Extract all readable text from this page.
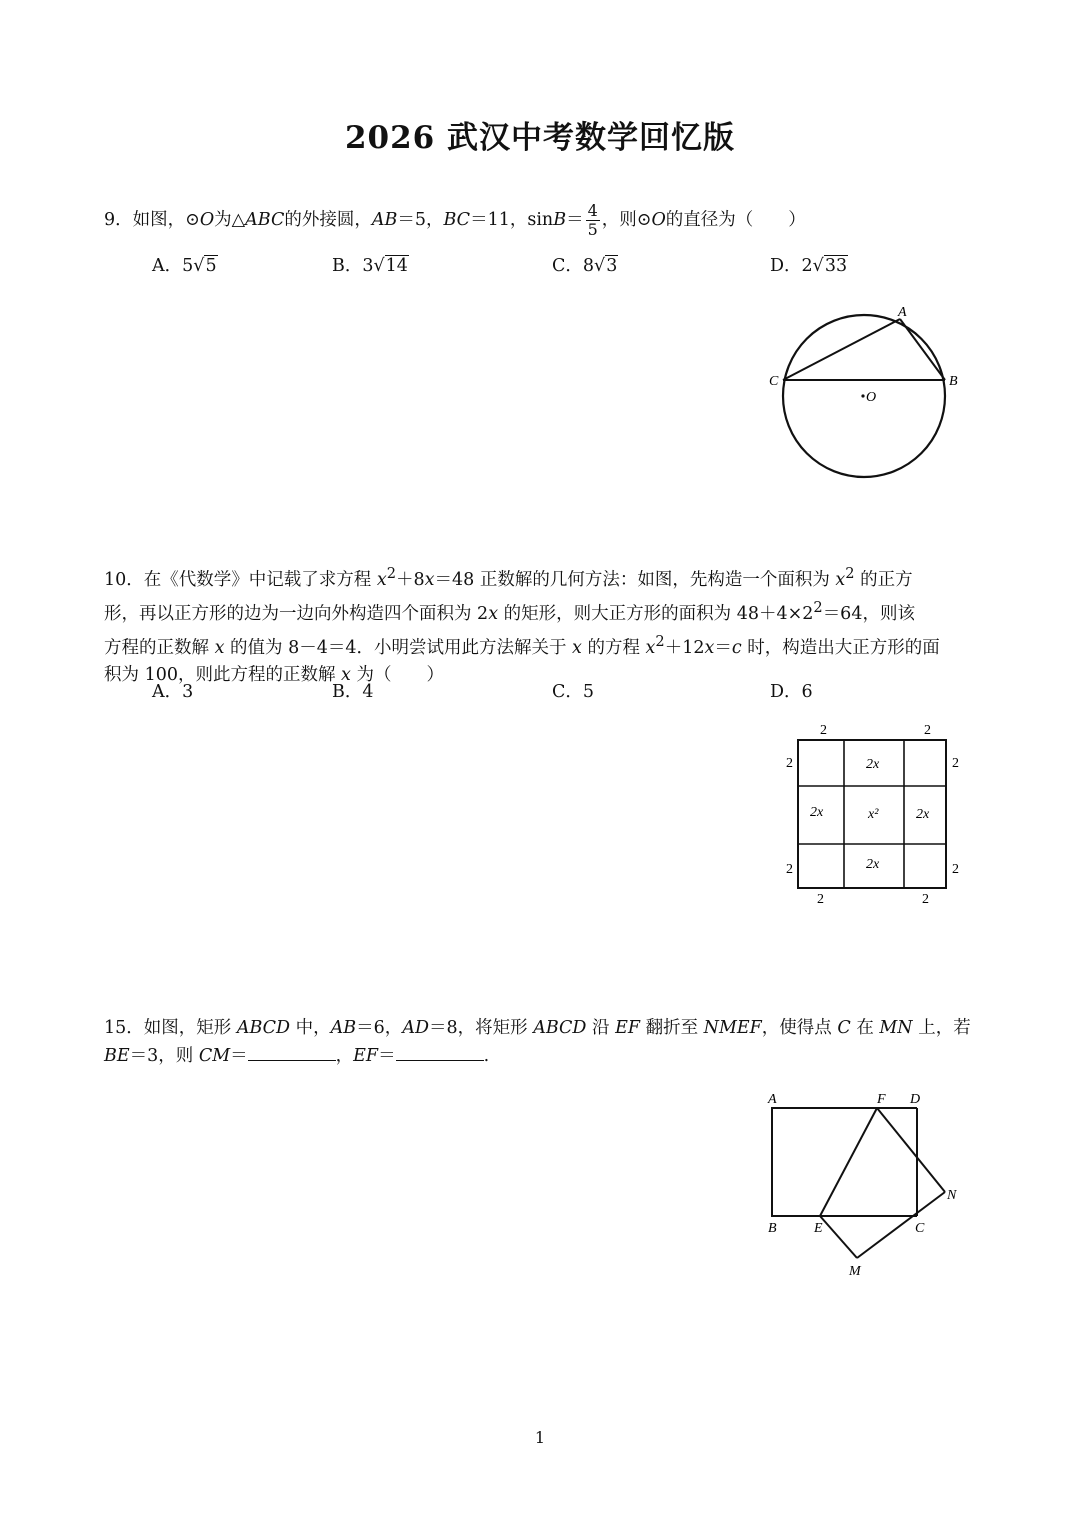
2026 武汉中考数学回忆版
9．如图，⊙O为△ABC的外接圆，AB＝5，BC＝11，$\sin B= \frac{4}{5}$ ，则⊙O的直径为（　　）
A．5√5	B．3√14	C．8√3	D．2√33
A
B
C
O
10．在《代数学》中记载了求方程 $x^2+8x=48$ 正数解的几何方法：如图，先构造一个面积为 $x^2$ 的正方
形，再以正方形的边为一边向外构造四个面积为 2x 的矩形，则大正方形的面积为 $48+4\times 2^2=64$，则该
方程的正数解 x 的值为 8－4＝4．小明尝试用此方法解关于 x 的方程 $x^2+12x=c$ 时，构造出大正方形的面
积为 100，则此方程的正数解 x 为（　　）
A．3	B．4	C．5	D．6
2	2
2	2
2	2
2	2
2x
2x
2x	2x
x²
15．如图，矩形 ABCD 中，AB＝6，AD＝8，将矩形 ABCD 沿 EF 翻折至 NMEF，使得点 C 在 MN 上，若
BE＝3，则 CM＝	，EF＝	.
A	F D
N
B	E	C
M
1
